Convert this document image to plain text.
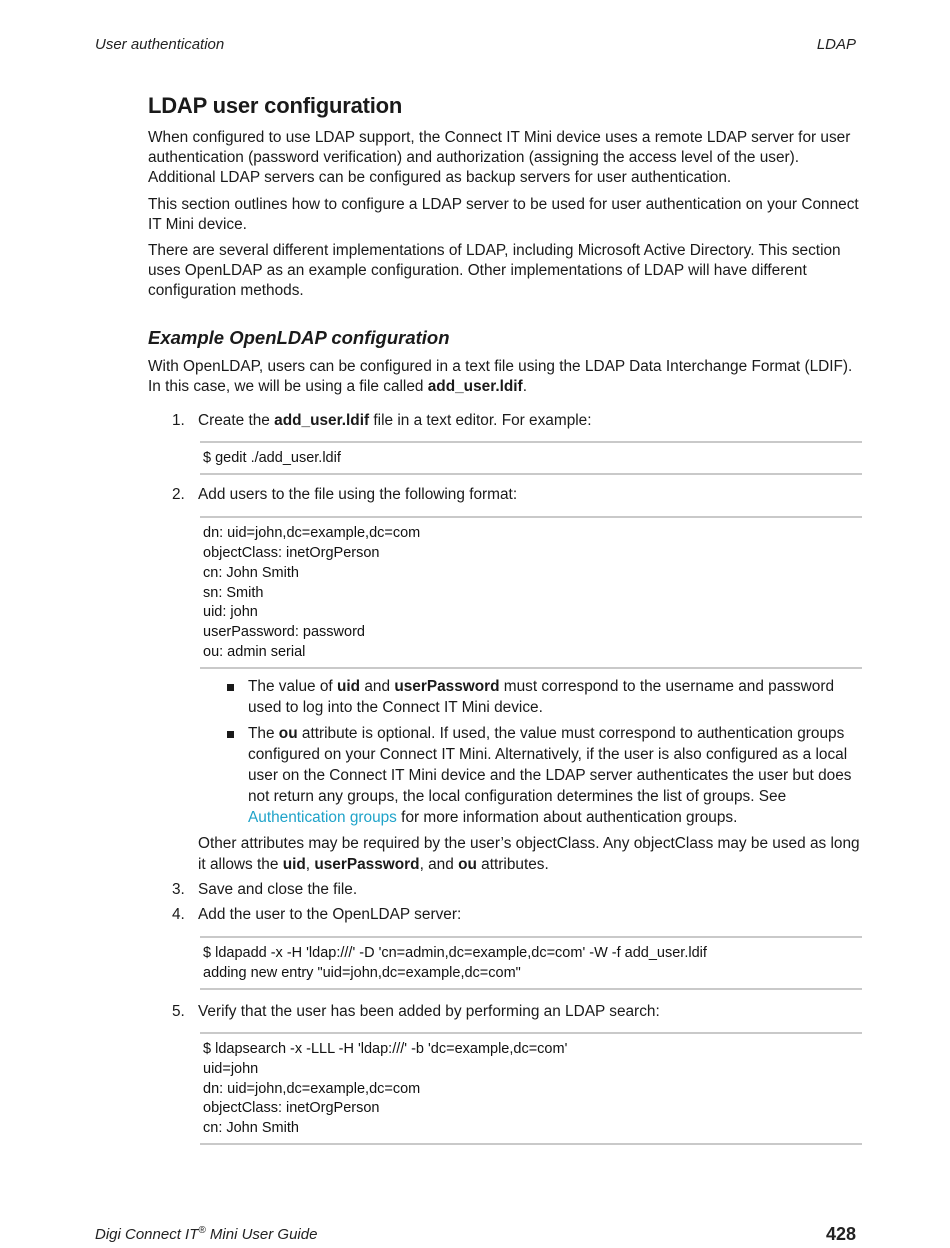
User authentication	LDAP
LDAP user configuration

When configured to use LDAP support, the Connect IT Mini device uses a remote LDAP server for user authentication (password verification) and authorization (assigning the access level of the user). Additional LDAP servers can be configured as backup servers for user authentication.

This section outlines how to configure a LDAP server to be used for user authentication on your Connect IT Mini device.

There are several different implementations of LDAP, including Microsoft Active Directory. This section uses OpenLDAP as an example configuration. Other implementations of LDAP will have different configuration methods.

Example OpenLDAP configuration

With OpenLDAP, users can be configured in a text file using the LDAP Data Interchange Format (LDIF). In this case, we will be using a file called add_user.ldif.

1. Create the add_user.ldif file in a text editor. For example:
$ gedit ./add_user.ldif
2. Add users to the file using the following format:
dn: uid=john,dc=example,dc=com
objectClass: inetOrgPerson
cn: John Smith
sn: Smith
uid: john
userPassword: password
ou: admin serial
The value of uid and userPassword must correspond to the username and password used to log into the Connect IT Mini device.
The ou attribute is optional. If used, the value must correspond to authentication groups configured on your Connect IT Mini. Alternatively, if the user is also configured as a local user on the Connect IT Mini device and the LDAP server authenticates the user but does not return any groups, the local configuration determines the list of groups. See Authentication groups for more information about authentication groups.
Other attributes may be required by the user’s objectClass. Any objectClass may be used as long it allows the uid, userPassword, and ou attributes.
3. Save and close the file.
4. Add the user to the OpenLDAP server:
$ ldapadd -x -H 'ldap:///' -D 'cn=admin,dc=example,dc=com' -W -f add_user.ldif
adding new entry "uid=john,dc=example,dc=com"
5. Verify that the user has been added by performing an LDAP search:
$ ldapsearch -x -LLL -H 'ldap:///' -b 'dc=example,dc=com'
uid=john
dn: uid=john,dc=example,dc=com
objectClass: inetOrgPerson
cn: John Smith
Digi Connect IT® Mini User Guide	428
